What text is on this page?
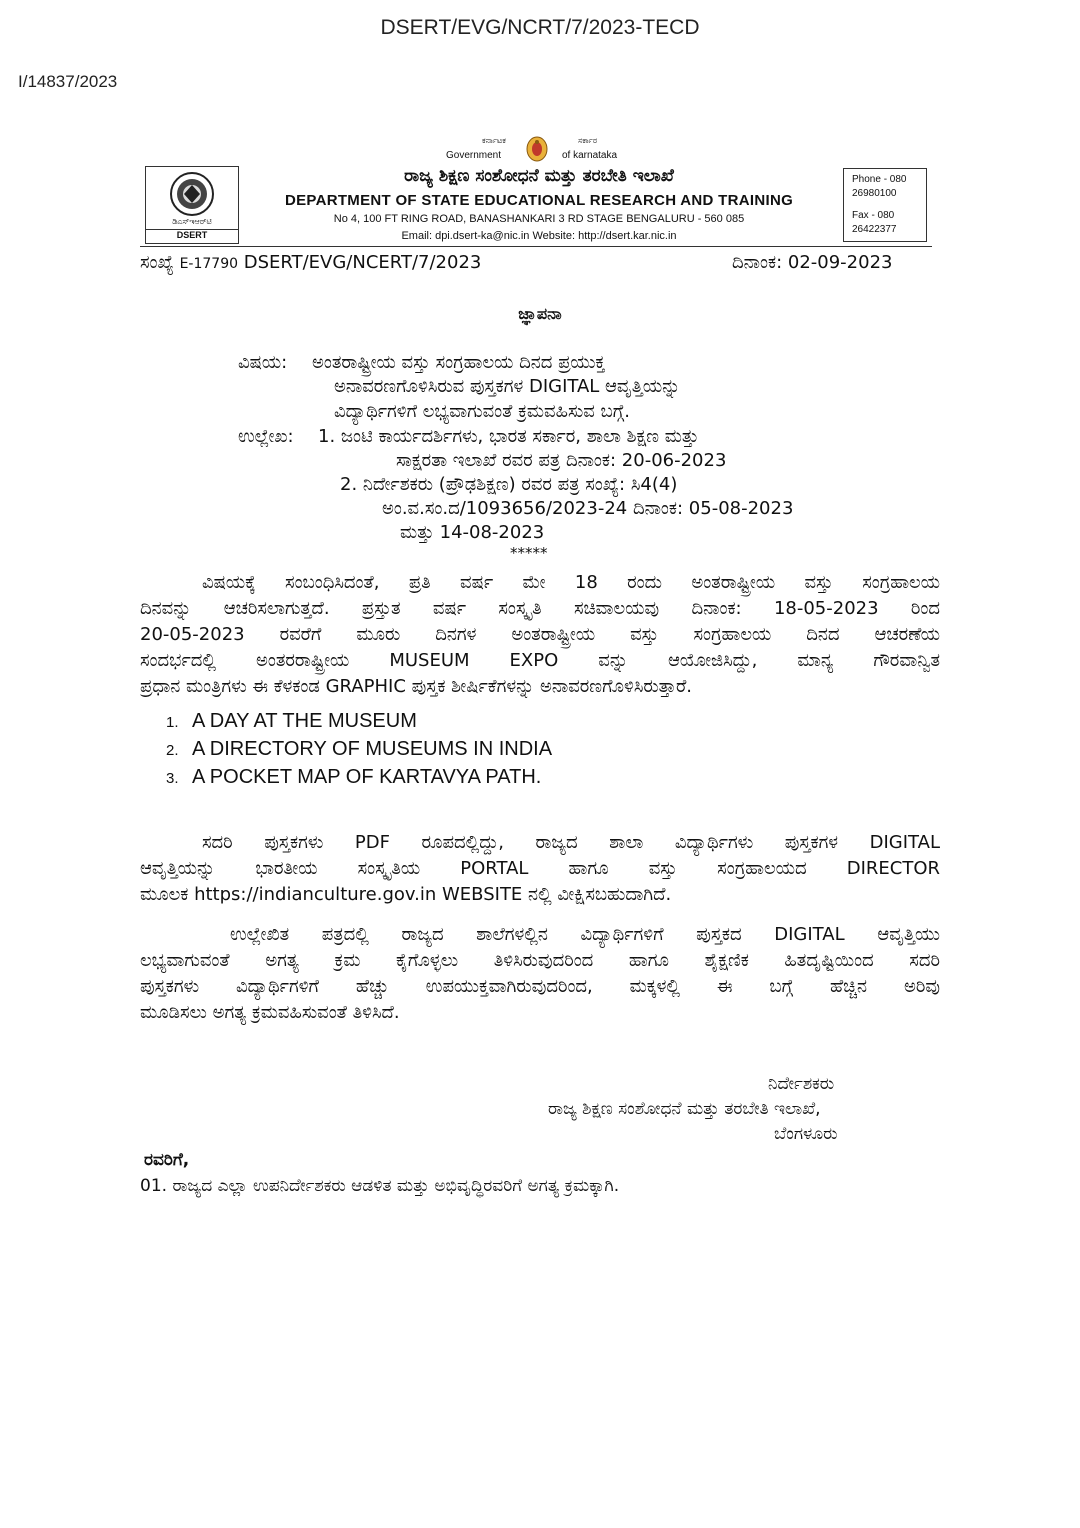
DSERT/EVG/NCRT/7/2023-TECD
I/14837/2023
ಕರ್ನಾಟಕ	ಸರ್ಕಾರ
Government	of karnataka
ಡಿಎಸ್‌ಇಆರ್‌ಟಿ
DSERT
ರಾಜ್ಯ ಶಿಕ್ಷಣ ಸಂಶೋಧನೆ ಮತ್ತು ತರಬೇತಿ ಇಲಾಖೆ
DEPARTMENT OF STATE EDUCATIONAL RESEARCH AND TRAINING
No 4, 100 FT RING ROAD, BANASHANKARI 3 RD STAGE BENGALURU - 560 085
Email: dpi.dsert-ka@nic.in Website: http://dsert.kar.nic.in
Phone - 080
26980100
Fax - 080
26422377
ಸಂಖ್ಯೆ E-17790 DSERT/EVG/NCERT/7/2023	ದಿನಾಂಕ: 02-09-2023
ಜ್ಞಾಪನಾ
ವಿಷಯ: ಅಂತರಾಷ್ಟ್ರೀಯ ವಸ್ತು ಸಂಗ್ರಹಾಲಯ ದಿನದ ಪ್ರಯುಕ್ತ
ಅನಾವರಣಗೊಳಿಸಿರುವ ಪುಸ್ತಕಗಳ DIGITAL ಆವೃತ್ತಿಯನ್ನು
ವಿದ್ಯಾರ್ಥಿಗಳಿಗೆ ಲಭ್ಯವಾಗುವಂತೆ ಕ್ರಮವಹಿಸುವ ಬಗ್ಗೆ.
ಉಲ್ಲೇಖ: 1. ಜಂಟಿ ಕಾರ್ಯದರ್ಶಿಗಳು, ಭಾರತ ಸರ್ಕಾರ, ಶಾಲಾ ಶಿಕ್ಷಣ ಮತ್ತು
ಸಾಕ್ಷರತಾ ಇಲಾಖೆ ರವರ ಪತ್ರ ದಿನಾಂಕ: 20-06-2023
2. ನಿರ್ದೇಶಕರು (ಪ್ರೌಢಶಿಕ್ಷಣ) ರವರ ಪತ್ರ ಸಂಖ್ಯೆ: ಸಿ4(4)
ಅಂ.ವ.ಸಂ.ದ/1093656/2023-24 ದಿನಾಂಕ: 05-08-2023
ಮತ್ತು 14-08-2023
*****
ವಿಷಯಕ್ಕೆ ಸಂಬಂಧಿಸಿದಂತೆ, ಪ್ರತಿ ವರ್ಷ ಮೇ 18 ರಂದು ಅಂತರಾಷ್ಟ್ರೀಯ ವಸ್ತು ಸಂಗ್ರಹಾಲಯ
ದಿನವನ್ನು ಆಚರಿಸಲಾಗುತ್ತದೆ. ಪ್ರಸ್ತುತ ವರ್ಷ ಸಂಸ್ಕೃತಿ ಸಚಿವಾಲಯವು ದಿನಾಂಕ: 18-05-2023 ರಿಂದ
20-05-2023 ರವರೆಗೆ ಮೂರು ದಿನಗಳ ಅಂತರಾಷ್ಟ್ರೀಯ ವಸ್ತು ಸಂಗ್ರಹಾಲಯ ದಿನದ ಆಚರಣೆಯ
ಸಂದರ್ಭದಲ್ಲಿ ಅಂತರರಾಷ್ಟ್ರೀಯ MUSEUM EXPO ವನ್ನು ಆಯೋಜಿಸಿದ್ದು, ಮಾನ್ಯ ಗೌರವಾನ್ವಿತ
ಪ್ರಧಾನ ಮಂತ್ರಿಗಳು ಈ ಕೆಳಕಂಡ GRAPHIC ಪುಸ್ತಕ ಶೀರ್ಷಿಕೆಗಳನ್ನು ಅನಾವರಣಗೊಳಿಸಿರುತ್ತಾರೆ.
1. A DAY AT THE MUSEUM
2. A DIRECTORY OF MUSEUMS IN INDIA
3. A POCKET MAP OF KARTAVYA PATH.
ಸದರಿ ಪುಸ್ತಕಗಳು PDF ರೂಪದಲ್ಲಿದ್ದು, ರಾಜ್ಯದ ಶಾಲಾ ವಿದ್ಯಾರ್ಥಿಗಳು ಪುಸ್ತಕಗಳ DIGITAL
ಆವೃತ್ತಿಯನ್ನು ಭಾರತೀಯ ಸಂಸ್ಕೃತಿಯ PORTAL ಹಾಗೂ ವಸ್ತು ಸಂಗ್ರಹಾಲಯದ DIRECTOR
ಮೂಲಕ https://indianculture.gov.in WEBSITE ನಲ್ಲಿ ವೀಕ್ಷಿಸಬಹುದಾಗಿದೆ.
ಉಲ್ಲೇಖಿತ ಪತ್ರದಲ್ಲಿ ರಾಜ್ಯದ ಶಾಲೆಗಳಲ್ಲಿನ ವಿದ್ಯಾರ್ಥಿಗಳಿಗೆ ಪುಸ್ತಕದ DIGITAL ಆವೃತ್ತಿಯು
ಲಭ್ಯವಾಗುವಂತೆ ಅಗತ್ಯ ಕ್ರಮ ಕೈಗೊಳ್ಳಲು ತಿಳಿಸಿರುವುದರಿಂದ ಹಾಗೂ ಶೈಕ್ಷಣಿಕ ಹಿತದೃಷ್ಟಿಯಿಂದ ಸದರಿ
ಪುಸ್ತಕಗಳು ವಿದ್ಯಾರ್ಥಿಗಳಿಗೆ ಹೆಚ್ಚು ಉಪಯುಕ್ತವಾಗಿರುವುದರಿಂದ, ಮಕ್ಕಳಲ್ಲಿ ಈ ಬಗ್ಗೆ ಹೆಚ್ಚಿನ ಅರಿವು
ಮೂಡಿಸಲು ಅಗತ್ಯ ಕ್ರಮವಹಿಸುವಂತೆ ತಿಳಿಸಿದೆ.
ನಿರ್ದೇಶಕರು
ರಾಜ್ಯ ಶಿಕ್ಷಣ ಸಂಶೋಧನೆ ಮತ್ತು ತರಬೇತಿ ಇಲಾಖೆ,
ಬೆಂಗಳೂರು
ರವರಿಗೆ,
01. ರಾಜ್ಯದ ಎಲ್ಲಾ ಉಪನಿರ್ದೇಶಕರು ಆಡಳಿತ ಮತ್ತು ಅಭಿವೃದ್ಧಿರವರಿಗೆ ಅಗತ್ಯ ಕ್ರಮಕ್ಕಾಗಿ.
